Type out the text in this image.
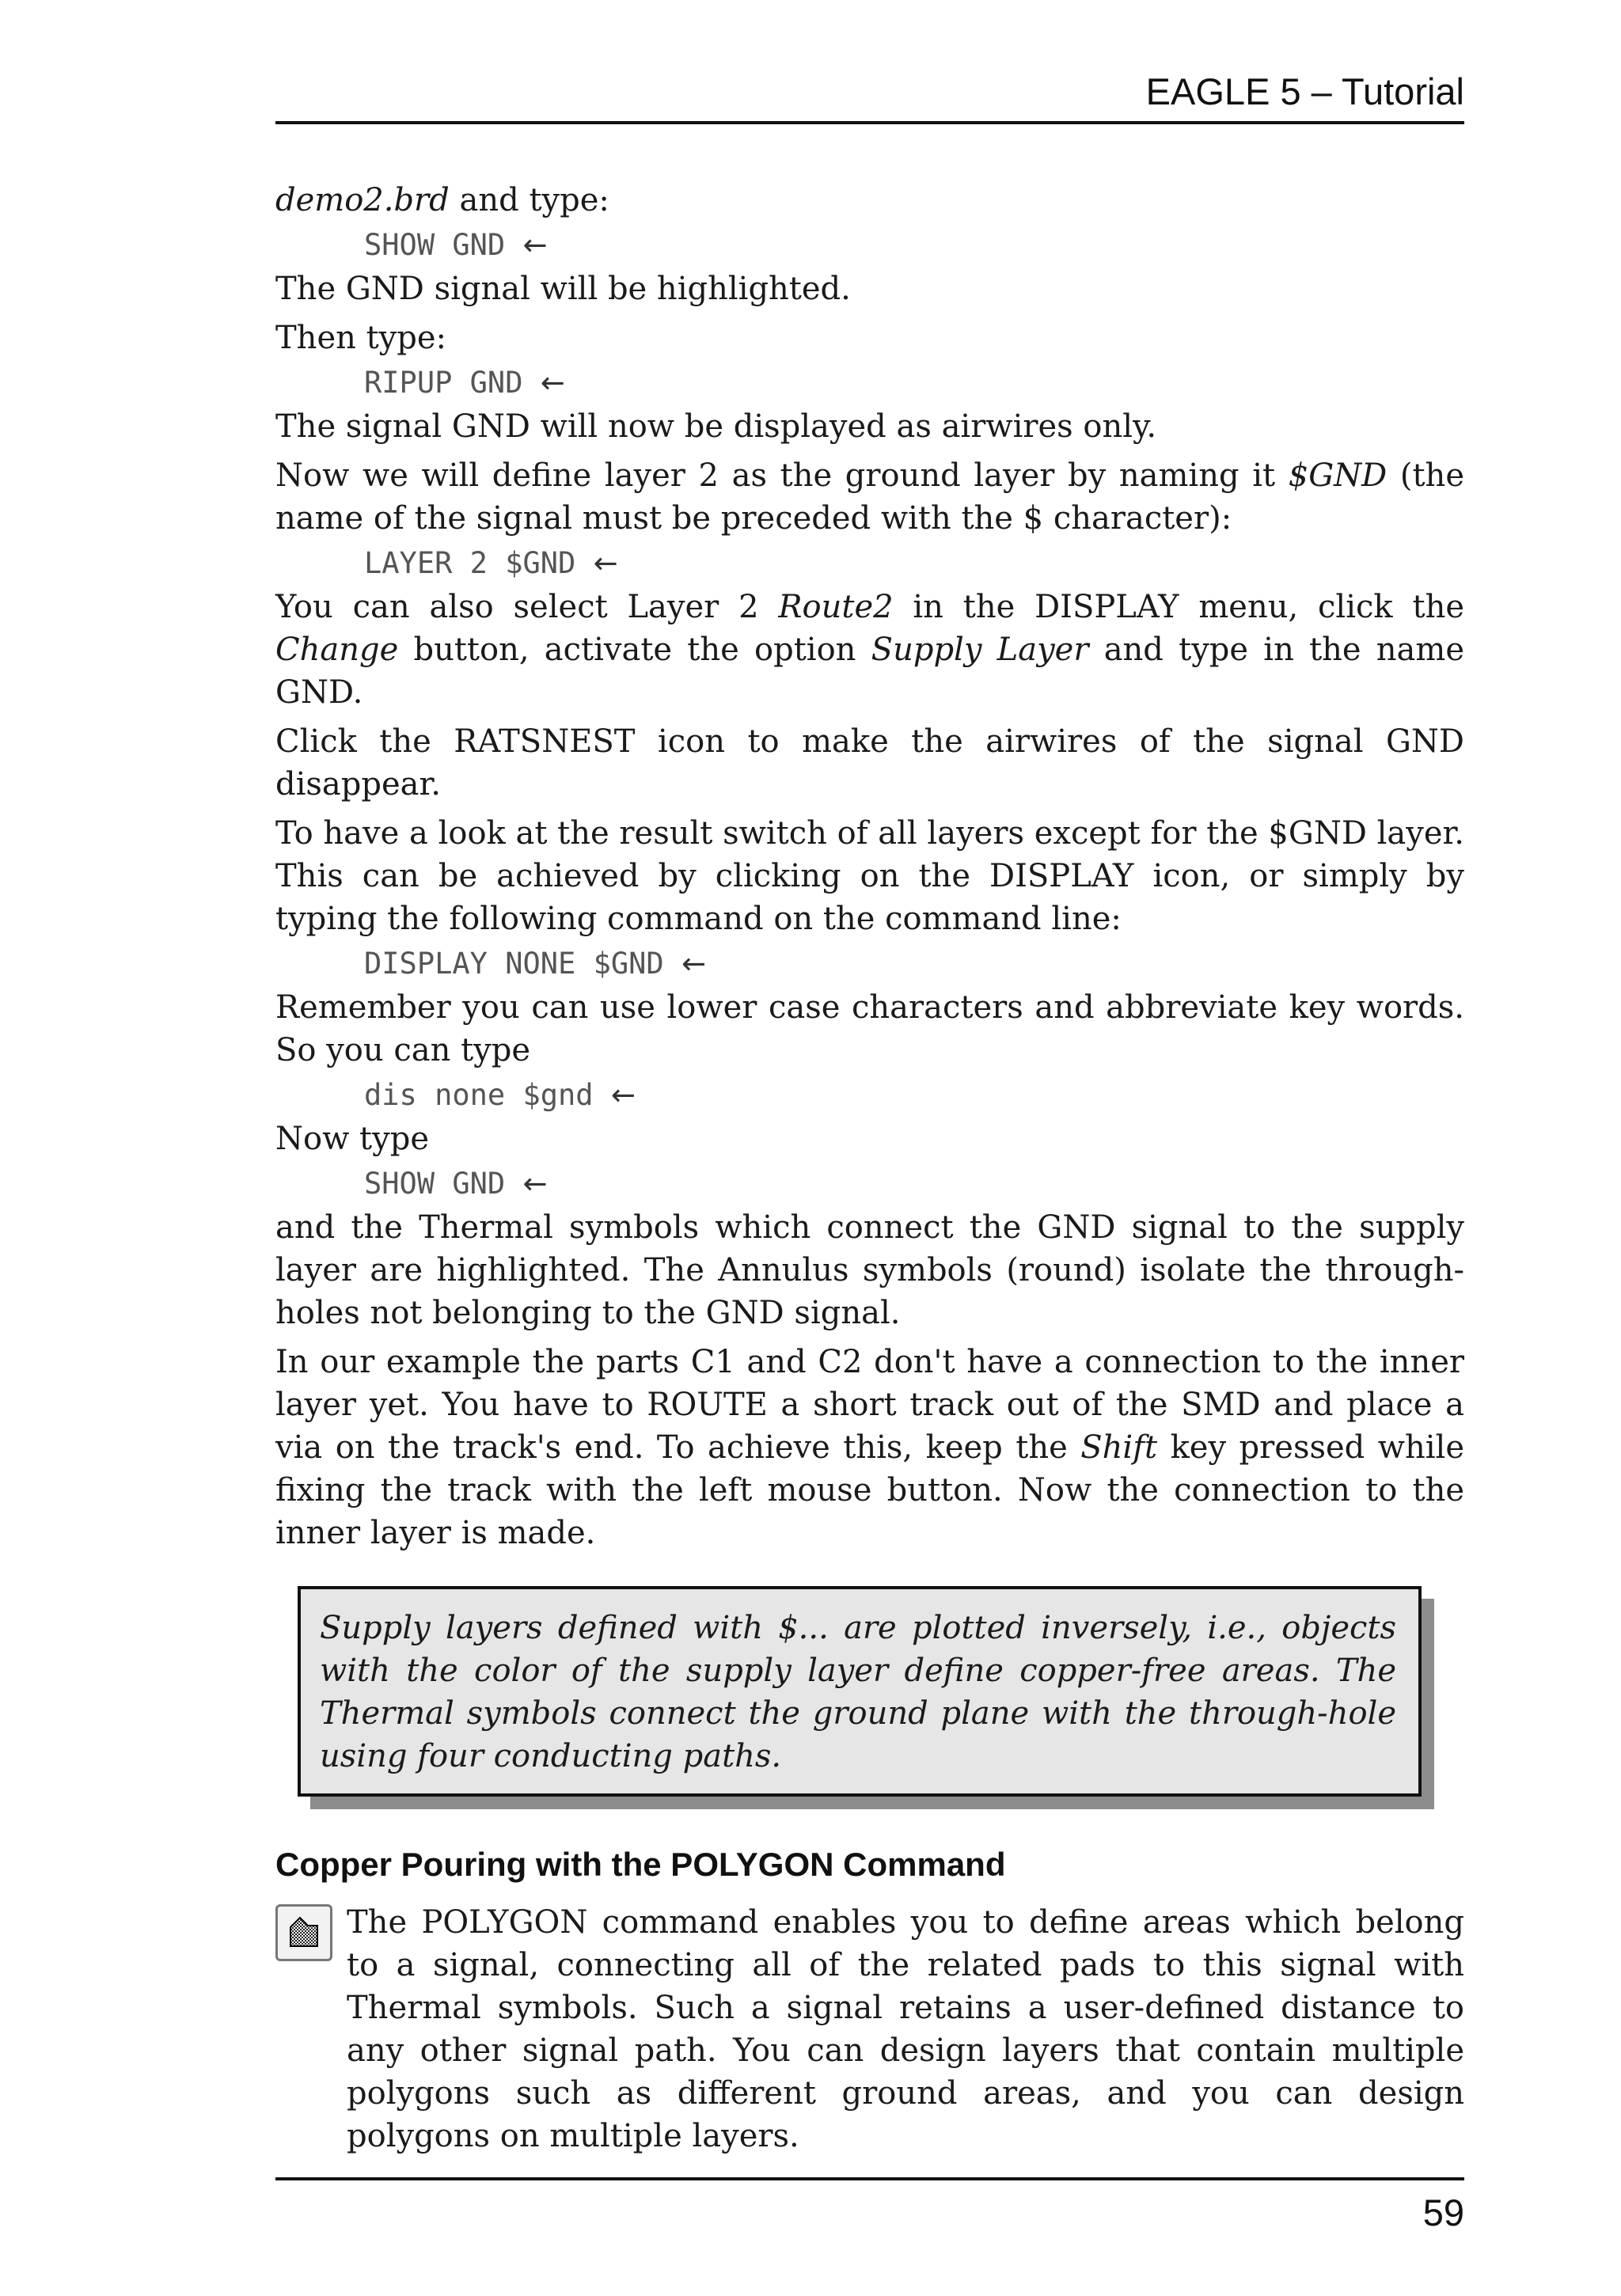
EAGLE 5 – Tutorial

demo2.brd and type:

SHOW GND ←

The GND signal will be highlighted.

Then type:

RIPUP GND ←

The signal GND will now be displayed as airwires only.

Now we will define layer 2 as the ground layer by naming it $GND (the name of the signal must be preceded with the $ character):

LAYER 2 $GND ←

You can also select Layer 2 Route2 in the DISPLAY menu, click the Change button, activate the option Supply Layer and type in the name GND.

Click the RATSNEST icon to make the airwires of the signal GND disappear.

To have a look at the result switch of all layers except for the $GND layer. This can be achieved by clicking on the DISPLAY icon, or simply by typing the following command on the command line:

DISPLAY NONE $GND ←

Remember you can use lower case characters and abbreviate key words. So you can type

dis none $gnd ←

Now type

SHOW GND ←

and the Thermal symbols which connect the GND signal to the supply layer are highlighted. The Annulus symbols (round) isolate the through-holes not belonging to the GND signal.

In our example the parts C1 and C2 don't have a connection to the inner layer yet. You have to ROUTE a short track out of the SMD and place a via on the track's end. To achieve this, keep the Shift key pressed while fixing the track with the left mouse button. Now the connection to the inner layer is made.

Supply layers defined with $... are plotted inversely, i.e., objects with the color of the supply layer define copper-free areas. The Thermal symbols connect the ground plane with the through-hole using four conducting paths.

Copper Pouring with the POLYGON Command

The POLYGON command enables you to define areas which belong to a signal, connecting all of the related pads to this signal with Thermal symbols. Such a signal retains a user-defined distance to any other signal path. You can design layers that contain multiple polygons such as different ground areas, and you can design polygons on multiple layers.

59
